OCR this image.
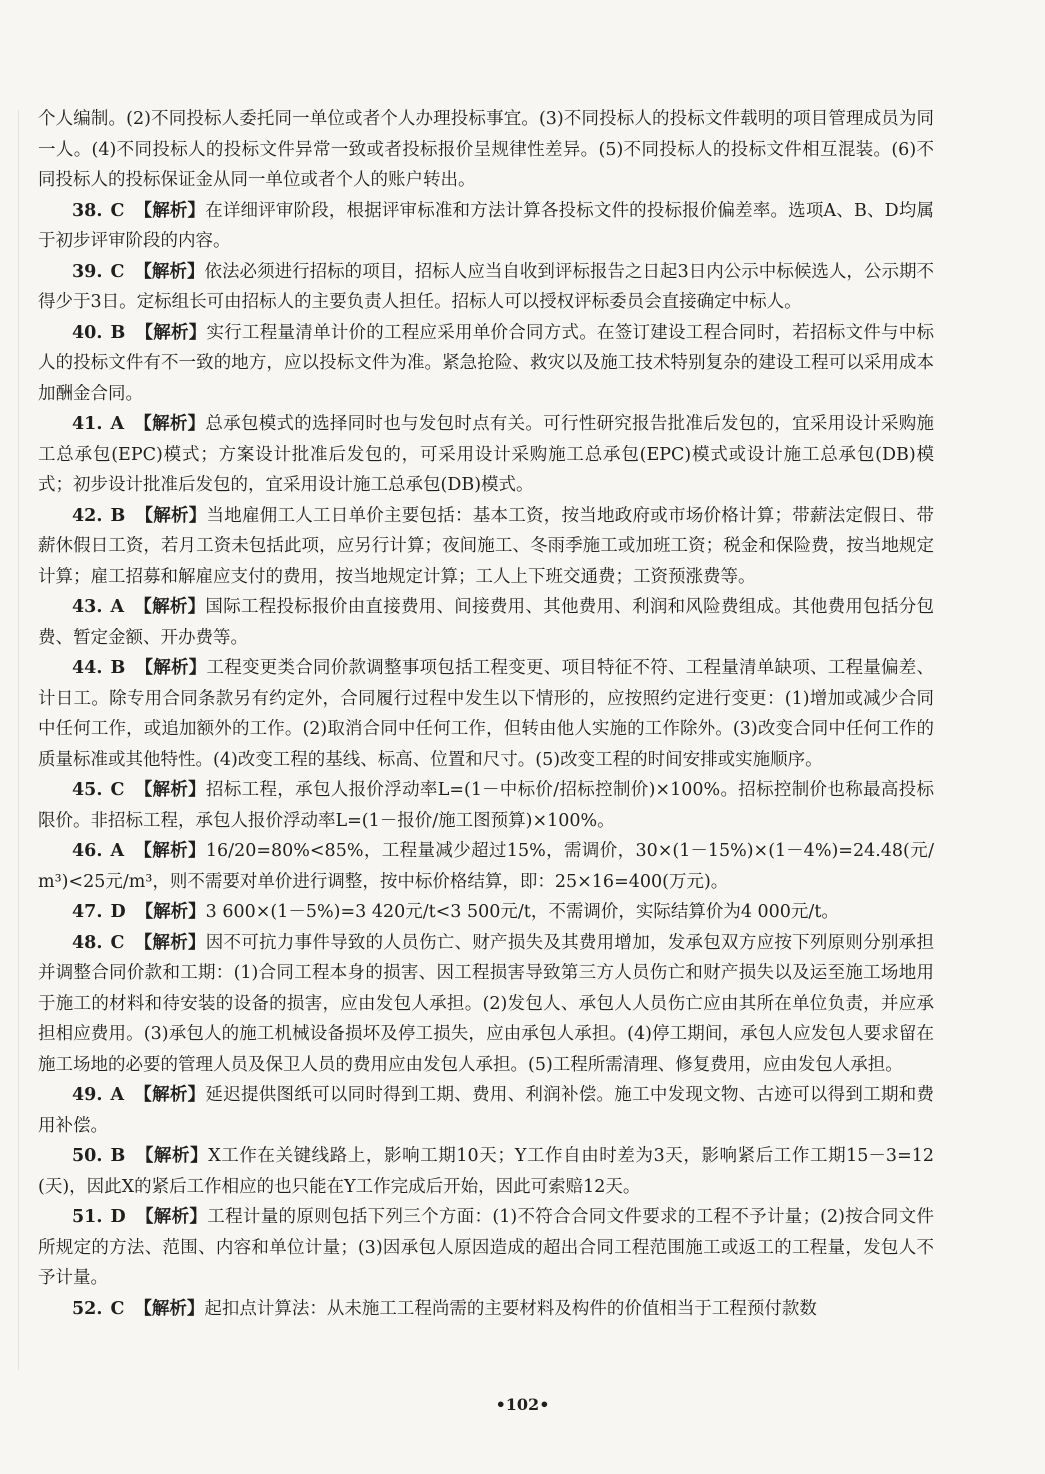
个人编制。(2)不同投标人委托同一单位或者个人办理投标事宜。(3)不同投标人的投标文件载明的项目管理成员为同一人。(4)不同投标人的投标文件异常一致或者投标报价呈规律性差异。(5)不同投标人的投标文件相互混装。(6)不同投标人的投标保证金从同一单位或者个人的账户转出。

38. C 【解析】在详细评审阶段，根据评审标准和方法计算各投标文件的投标报价偏差率。选项A、B、D均属于初步评审阶段的内容。

39. C 【解析】依法必须进行招标的项目，招标人应当自收到评标报告之日起3日内公示中标候选人，公示期不得少于3日。定标组长可由招标人的主要负责人担任。招标人可以授权评标委员会直接确定中标人。

40. B 【解析】实行工程量清单计价的工程应采用单价合同方式。在签订建设工程合同时，若招标文件与中标人的投标文件有不一致的地方，应以投标文件为准。紧急抢险、救灾以及施工技术特别复杂的建设工程可以采用成本加酬金合同。

41. A 【解析】总承包模式的选择同时也与发包时点有关。可行性研究报告批准后发包的，宜采用设计采购施工总承包(EPC)模式；方案设计批准后发包的，可采用设计采购施工总承包(EPC)模式或设计施工总承包(DB)模式；初步设计批准后发包的，宜采用设计施工总承包(DB)模式。

42. B 【解析】当地雇佣工人工日单价主要包括：基本工资，按当地政府或市场价格计算；带薪法定假日、带薪休假日工资，若月工资未包括此项，应另行计算；夜间施工、冬雨季施工或加班工资；税金和保险费，按当地规定计算；雇工招募和解雇应支付的费用，按当地规定计算；工人上下班交通费；工资预涨费等。

43. A 【解析】国际工程投标报价由直接费用、间接费用、其他费用、利润和风险费组成。其他费用包括分包费、暂定金额、开办费等。

44. B 【解析】工程变更类合同价款调整事项包括工程变更、项目特征不符、工程量清单缺项、工程量偏差、计日工。除专用合同条款另有约定外，合同履行过程中发生以下情形的，应按照约定进行变更：(1)增加或减少合同中任何工作，或追加额外的工作。(2)取消合同中任何工作，但转由他人实施的工作除外。(3)改变合同中任何工作的质量标准或其他特性。(4)改变工程的基线、标高、位置和尺寸。(5)改变工程的时间安排或实施顺序。

45. C 【解析】招标工程，承包人报价浮动率L=(1－中标价/招标控制价)×100%。招标控制价也称最高投标限价。非招标工程，承包人报价浮动率L=(1－报价/施工图预算)×100%。

46. A 【解析】16/20=80%<85%，工程量减少超过15%，需调价，30×(1－15%)×(1－4%)=24.48(元/m³)<25元/m³，则不需要对单价进行调整，按中标价格结算，即：25×16=400(万元)。

47. D 【解析】3 600×(1－5%)=3 420元/t<3 500元/t，不需调价，实际结算价为4 000元/t。

48. C 【解析】因不可抗力事件导致的人员伤亡、财产损失及其费用增加，发承包双方应按下列原则分别承担并调整合同价款和工期：(1)合同工程本身的损害、因工程损害导致第三方人员伤亡和财产损失以及运至施工场地用于施工的材料和待安装的设备的损害，应由发包人承担。(2)发包人、承包人人员伤亡应由其所在单位负责，并应承担相应费用。(3)承包人的施工机械设备损坏及停工损失，应由承包人承担。(4)停工期间，承包人应发包人要求留在施工场地的必要的管理人员及保卫人员的费用应由发包人承担。(5)工程所需清理、修复费用，应由发包人承担。

49. A 【解析】延迟提供图纸可以同时得到工期、费用、利润补偿。施工中发现文物、古迹可以得到工期和费用补偿。

50. B 【解析】X工作在关键线路上，影响工期10天；Y工作自由时差为3天，影响紧后工作工期15－3=12(天)，因此X的紧后工作相应的也只能在Y工作完成后开始，因此可索赔12天。

51. D 【解析】工程计量的原则包括下列三个方面：(1)不符合合同文件要求的工程不予计量；(2)按合同文件所规定的方法、范围、内容和单位计量；(3)因承包人原因造成的超出合同工程范围施工或返工的工程量，发包人不予计量。

52. C 【解析】起扣点计算法：从未施工工程尚需的主要材料及构件的价值相当于工程预付款数

•102•
